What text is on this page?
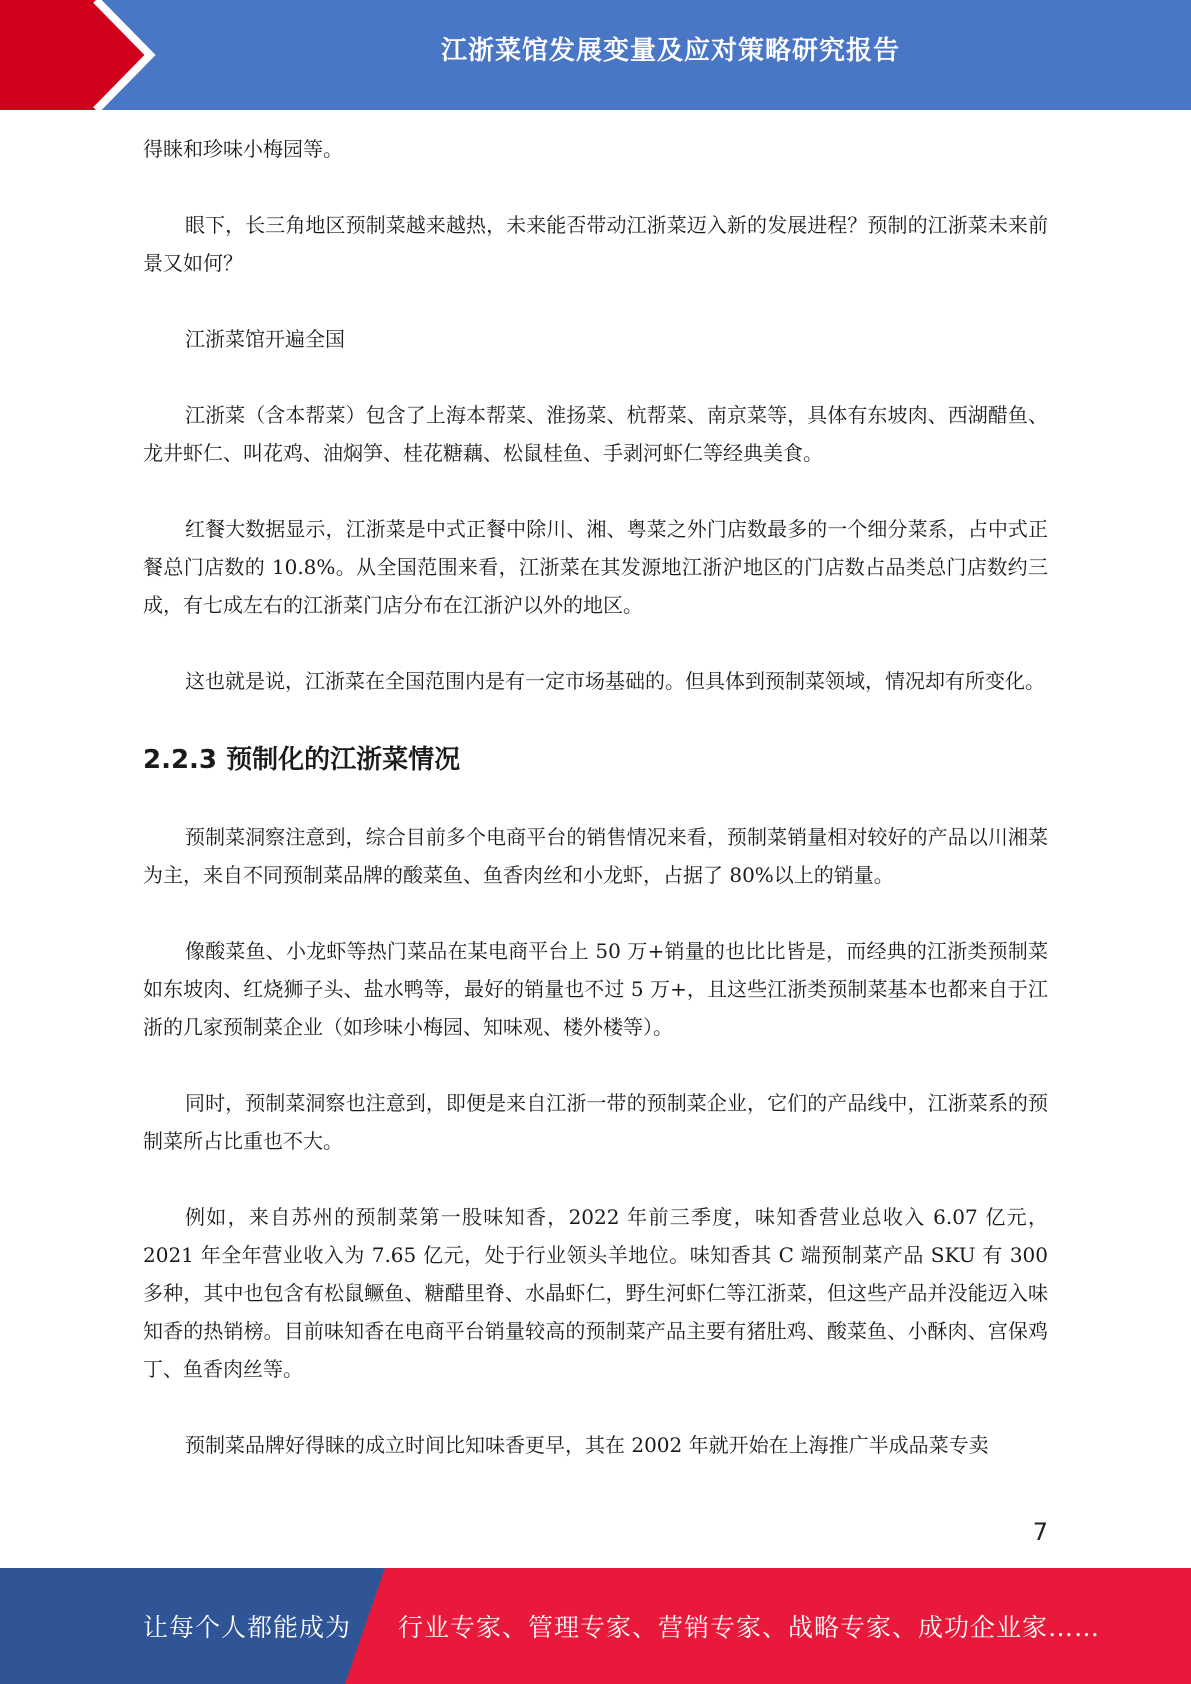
江浙菜馆发展变量及应对策略研究报告

得睐和珍味小梅园等。

眼下，长三角地区预制菜越来越热，未来能否带动江浙菜迈入新的发展进程？预制的江浙菜未来前景又如何？

江浙菜馆开遍全国

江浙菜（含本帮菜）包含了上海本帮菜、淮扬菜、杭帮菜、南京菜等，具体有东坡肉、西湖醋鱼、龙井虾仁、叫花鸡、油焖笋、桂花糖藕、松鼠桂鱼、手剥河虾仁等经典美食。

红餐大数据显示，江浙菜是中式正餐中除川、湘、粤菜之外门店数最多的一个细分菜系，占中式正餐总门店数的 10.8%。从全国范围来看，江浙菜在其发源地江浙沪地区的门店数占品类总门店数约三成，有七成左右的江浙菜门店分布在江浙沪以外的地区。

这也就是说，江浙菜在全国范围内是有一定市场基础的。但具体到预制菜领域，情况却有所变化。

2.2.3 预制化的江浙菜情况

预制菜洞察注意到，综合目前多个电商平台的销售情况来看，预制菜销量相对较好的产品以川湘菜为主，来自不同预制菜品牌的酸菜鱼、鱼香肉丝和小龙虾，占据了 80%以上的销量。

像酸菜鱼、小龙虾等热门菜品在某电商平台上 50 万+销量的也比比皆是，而经典的江浙类预制菜如东坡肉、红烧狮子头、盐水鸭等，最好的销量也不过 5 万+，且这些江浙类预制菜基本也都来自于江浙的几家预制菜企业（如珍味小梅园、知味观、楼外楼等）。

同时，预制菜洞察也注意到，即便是来自江浙一带的预制菜企业，它们的产品线中，江浙菜系的预制菜所占比重也不大。

例如，来自苏州的预制菜第一股味知香，2022 年前三季度，味知香营业总收入 6.07 亿元，2021 年全年营业收入为 7.65 亿元，处于行业领头羊地位。味知香其 C 端预制菜产品 SKU 有 300 多种，其中也包含有松鼠鳜鱼、糖醋里脊、水晶虾仁，野生河虾仁等江浙菜，但这些产品并没能迈入味知香的热销榜。目前味知香在电商平台销量较高的预制菜产品主要有猪肚鸡、酸菜鱼、小酥肉、宫保鸡丁、鱼香肉丝等。

预制菜品牌好得睐的成立时间比知味香更早，其在 2002 年就开始在上海推广半成品菜专卖

7
让每个人都能成为 行业专家、管理专家、营销专家、战略专家、成功企业家……
